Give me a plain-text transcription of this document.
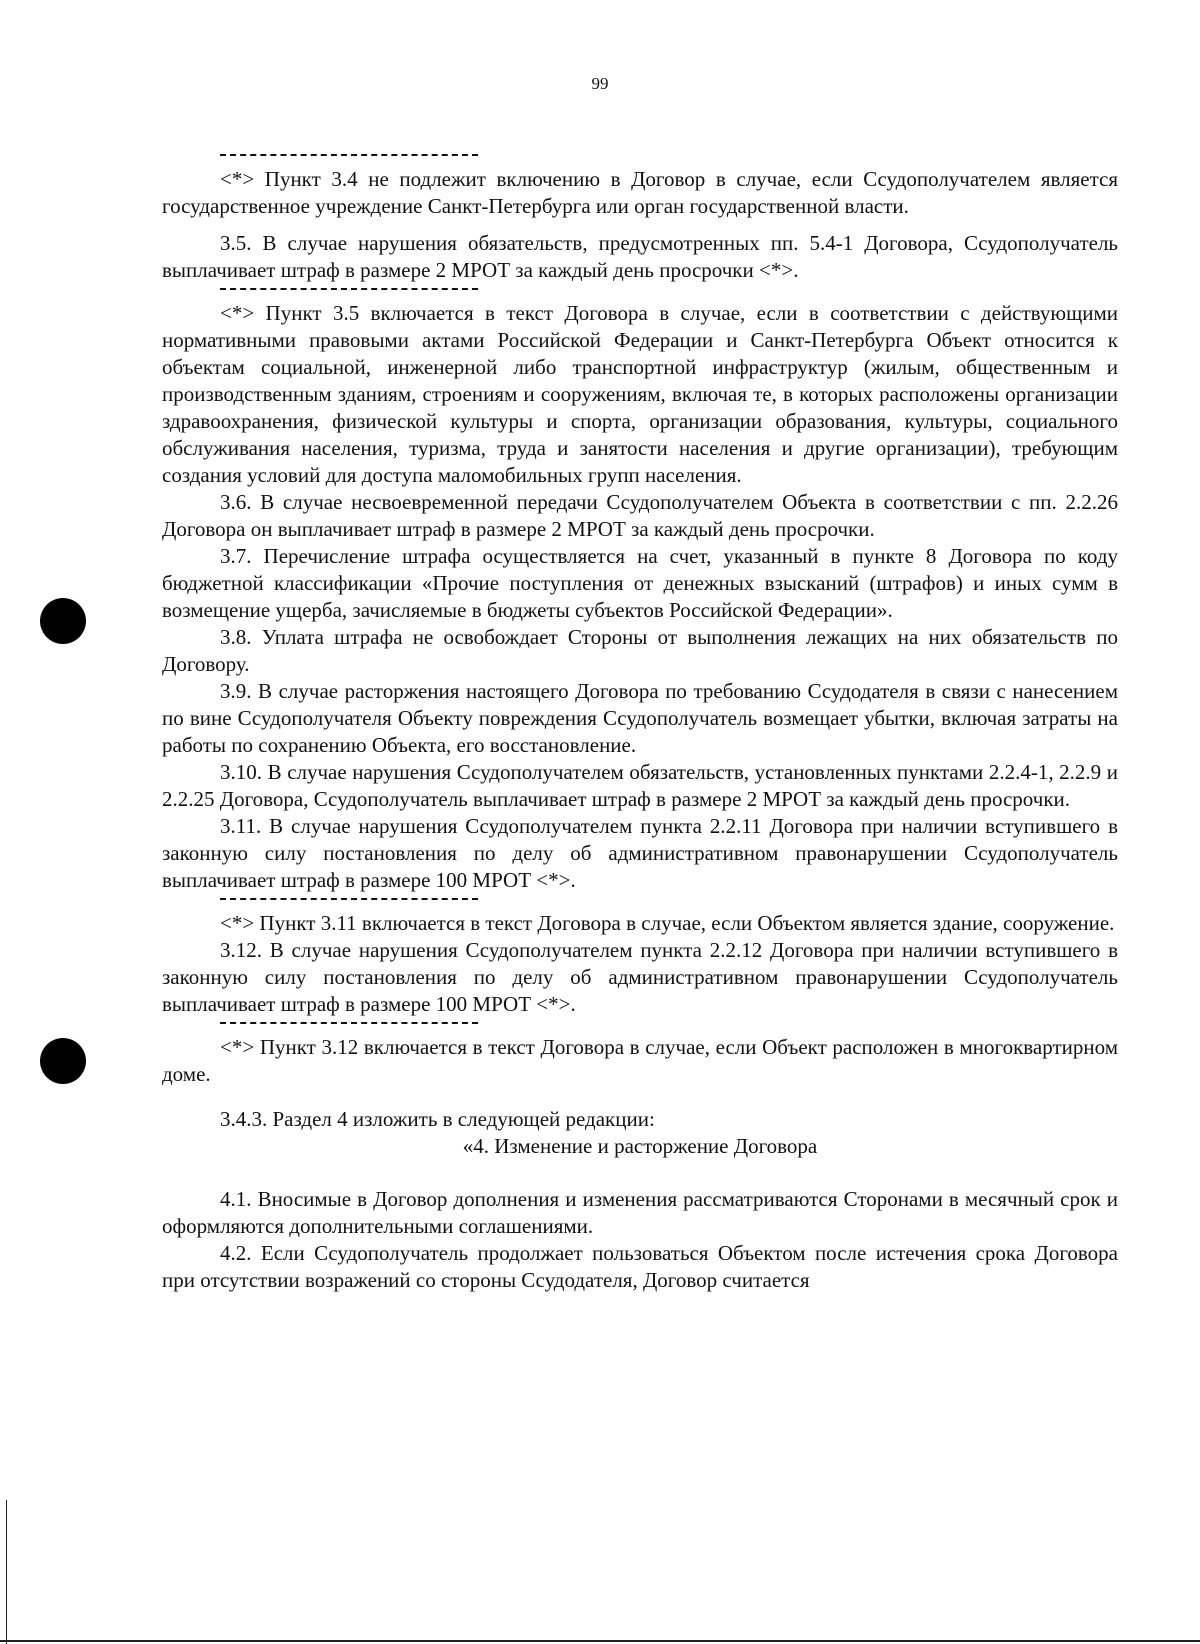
99

<*> Пункт 3.4 не подлежит включению в Договор в случае, если Ссудополучателем является государственное учреждение Санкт-Петербурга или орган государственной власти.

3.5. В случае нарушения обязательств, предусмотренных пп. 5.4-1 Договора, Ссудополучатель выплачивает штраф в размере 2 МРОТ за каждый день просрочки <*>.

<*> Пункт 3.5 включается в текст Договора в случае, если в соответствии с действующими нормативными правовыми актами Российской Федерации и Санкт-Петербурга Объект относится к объектам социальной, инженерной либо транспортной инфраструктур (жилым, общественным и производственным зданиям, строениям и сооружениям, включая те, в которых расположены организации здравоохранения, физической культуры и спорта, организации образования, культуры, социального обслуживания населения, туризма, труда и занятости населения и другие организации), требующим создания условий для доступа маломобильных групп населения.

3.6. В случае несвоевременной передачи Ссудополучателем Объекта в соответствии с пп. 2.2.26 Договора он выплачивает штраф в размере 2 МРОТ за каждый день просрочки.

3.7. Перечисление штрафа осуществляется на счет, указанный в пункте 8 Договора по коду бюджетной классификации «Прочие поступления от денежных взысканий (штрафов) и иных сумм в возмещение ущерба, зачисляемые в бюджеты субъектов Российской Федерации».

3.8. Уплата штрафа не освобождает Стороны от выполнения лежащих на них обязательств по Договору.

3.9. В случае расторжения настоящего Договора по требованию Ссудодателя в связи с нанесением по вине Ссудополучателя Объекту повреждения Ссудополучатель возмещает убытки, включая затраты на работы по сохранению Объекта, его восстановление.

3.10. В случае нарушения Ссудополучателем обязательств, установленных пунктами 2.2.4-1, 2.2.9 и 2.2.25 Договора, Ссудополучатель выплачивает штраф в размере 2 МРОТ за каждый день просрочки.

3.11. В случае нарушения Ссудополучателем пункта 2.2.11 Договора при наличии вступившего в законную силу постановления по делу об административном правонарушении Ссудополучатель выплачивает штраф в размере 100 МРОТ <*>.

<*> Пункт 3.11 включается в текст Договора в случае, если Объектом является здание, сооружение.

3.12. В случае нарушения Ссудополучателем пункта 2.2.12 Договора при наличии вступившего в законную силу постановления по делу об административном правонарушении Ссудополучатель выплачивает штраф в размере 100 МРОТ <*>.

<*> Пункт 3.12 включается в текст Договора в случае, если Объект расположен в многоквартирном доме.

3.4.3. Раздел 4 изложить в следующей редакции:

«4. Изменение и расторжение Договора

4.1. Вносимые в Договор дополнения и изменения рассматриваются Сторонами в месячный срок и оформляются дополнительными соглашениями.

4.2. Если Ссудополучатель продолжает пользоваться Объектом после истечения срока Договора при отсутствии возражений со стороны Ссудодателя, Договор считается
